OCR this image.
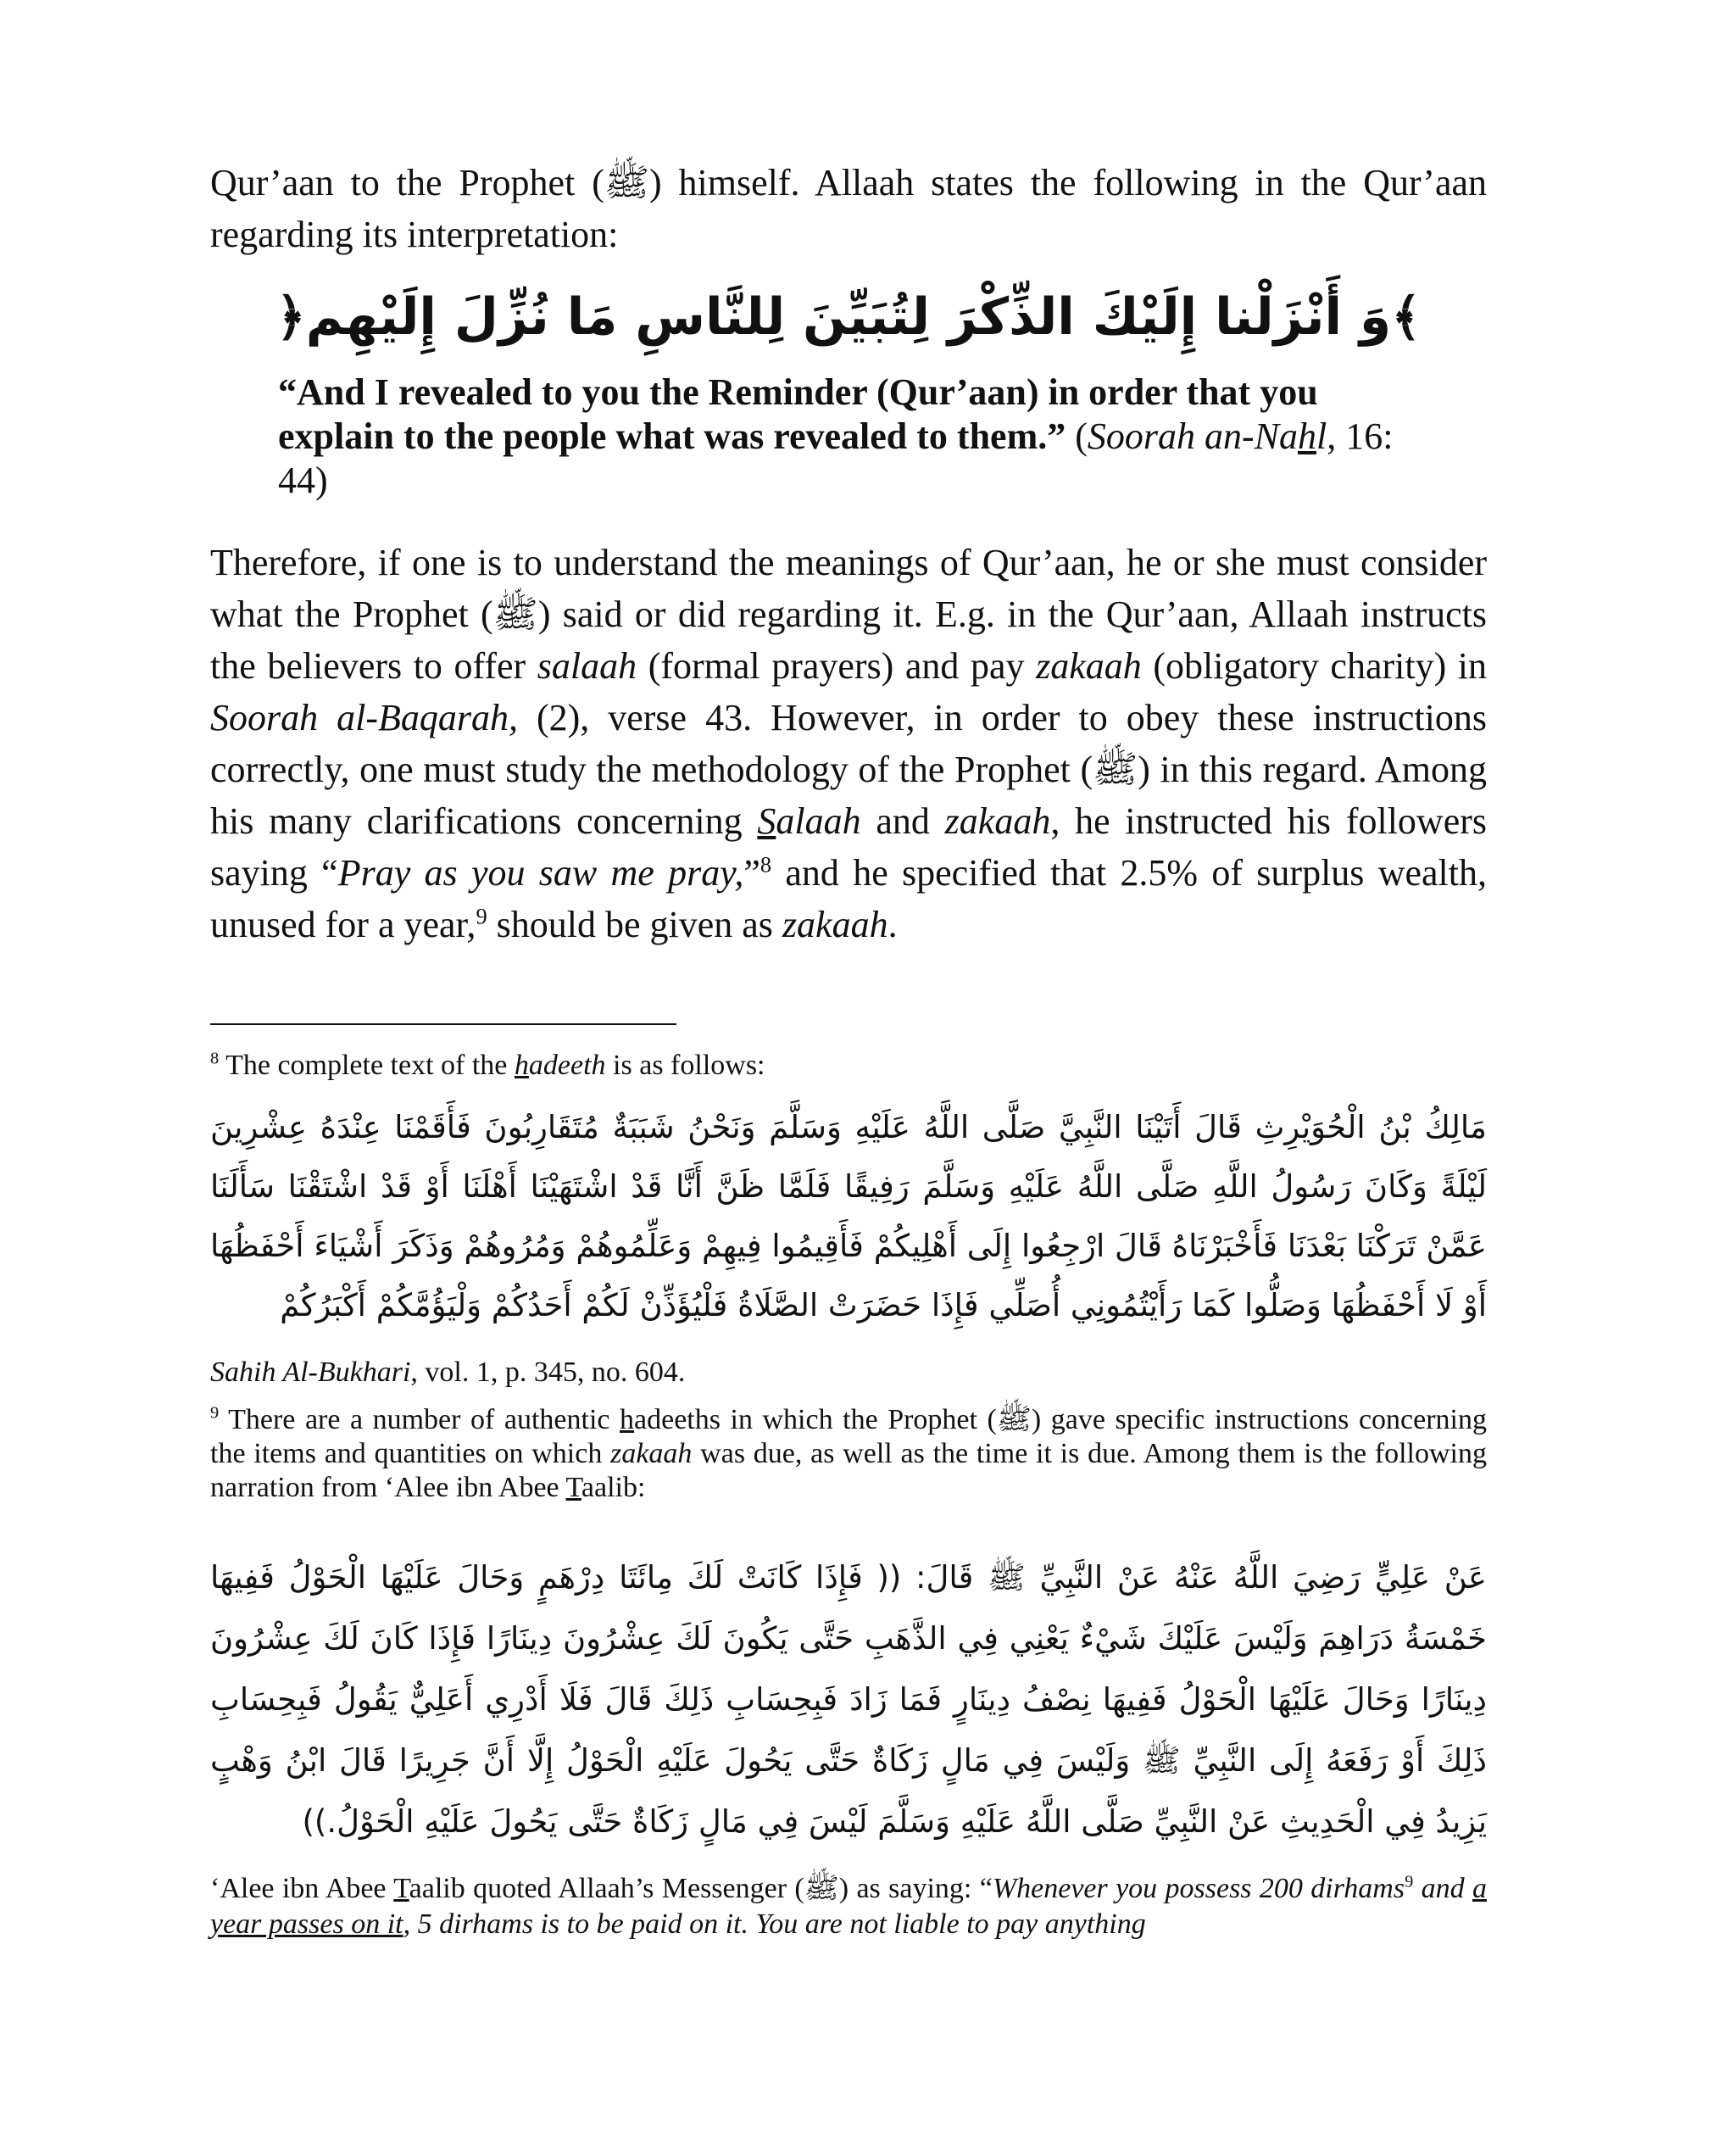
Qur’aan to the Prophet (ﷺ) himself. Allaah states the following in the Qur’aan regarding its interpretation:

﴿وَ أَنْزَلْنا إِلَيْكَ الذِّكْرَ لِتُبَيِّنَ لِلنَّاسِ مَا نُزِّلَ إِلَيْهِم﴾

“And I revealed to you the Reminder (Qur’aan) in order that you explain to the people what was revealed to them.” (Soorah an-Nahl, 16: 44)

Therefore, if one is to understand the meanings of Qur’aan, he or she must consider what the Prophet (ﷺ) said or did regarding it. E.g. in the Qur’aan, Allaah instructs the believers to offer salaah (formal prayers) and pay zakaah (obligatory charity) in Soorah al-Baqarah, (2), verse 43. However, in order to obey these instructions correctly, one must study the methodology of the Prophet (ﷺ) in this regard. Among his many clarifications concerning Salaah and zakaah, he instructed his followers saying “Pray as you saw me pray,”$^8$ and he specified that 2.5% of surplus wealth, unused for a year,$^9$ should be given as zakaah.

$^8$ The complete text of the hadeeth is as follows:

مَالِكُ بْنُ الْحُوَيْرِثِ قَالَ أَتَيْنَا النَّبِيَّ صَلَّى اللَّهُ عَلَيْهِ وَسَلَّمَ وَنَحْنُ شَبَبَةٌ مُتَقَارِبُونَ فَأَقَمْنَا عِنْدَهُ عِشْرِينَ لَيْلَةً وَكَانَ رَسُولُ اللَّهِ صَلَّى اللَّهُ عَلَيْهِ وَسَلَّمَ رَفِيقًا فَلَمَّا ظَنَّ أَنَّا قَدْ اشْتَهَيْنَا أَهْلَنَا أَوْ قَدْ اشْتَقْنَا سَأَلَنَا عَمَّنْ تَرَكْنَا بَعْدَنَا فَأَخْبَرْنَاهُ قَالَ ارْجِعُوا إِلَى أَهْلِيكُمْ فَأَقِيمُوا فِيهِمْ وَعَلِّمُوهُمْ وَمُرُوهُمْ وَذَكَرَ أَشْيَاءَ أَحْفَظُهَا أَوْ لَا أَحْفَظُهَا وَصَلُّوا كَمَا رَأَيْتُمُونِي أُصَلِّي فَإِذَا حَضَرَتْ الصَّلَاةُ فَلْيُؤَذِّنْ لَكُمْ أَحَدُكُمْ وَلْيَؤُمَّكُمْ أَكْبَرُكُمْ

Sahih Al-Bukhari, vol. 1, p. 345, no. 604.

$^9$ There are a number of authentic hadeeths in which the Prophet (ﷺ) gave specific instructions concerning the items and quantities on which zakaah was due, as well as the time it is due. Among them is the following narration from ‘Alee ibn Abee Taalib:

عَنْ عَلِيٍّ رَضِيَ اللَّهُ عَنْهُ عَنْ النَّبِيِّ ﷺ قَالَ: (( فَإِذَا كَانَتْ لَكَ مِائَتَا دِرْهَمٍ وَحَالَ عَلَيْهَا الْحَوْلُ فَفِيهَا خَمْسَةُ دَرَاهِمَ وَلَيْسَ عَلَيْكَ شَيْءٌ يَعْنِي فِي الذَّهَبِ حَتَّى يَكُونَ لَكَ عِشْرُونَ دِينَارًا فَإِذَا كَانَ لَكَ عِشْرُونَ دِينَارًا وَحَالَ عَلَيْهَا الْحَوْلُ فَفِيهَا نِصْفُ دِينَارٍ فَمَا زَادَ فَبِحِسَابِ ذَلِكَ قَالَ فَلَا أَدْرِي أَعَلِيٌّ يَقُولُ فَبِحِسَابِ ذَلِكَ أَوْ رَفَعَهُ إِلَى النَّبِيِّ ﷺ وَلَيْسَ فِي مَالٍ زَكَاةٌ حَتَّى يَحُولَ عَلَيْهِ الْحَوْلُ إِلَّا أَنَّ جَرِيرًا قَالَ ابْنُ وَهْبٍ يَزِيدُ فِي الْحَدِيثِ عَنْ النَّبِيِّ صَلَّى اللَّهُ عَلَيْهِ وَسَلَّمَ لَيْسَ فِي مَالٍ زَكَاةٌ حَتَّى يَحُولَ عَلَيْهِ الْحَوْلُ.))

‘Alee ibn Abee Taalib quoted Allaah’s Messenger (ﷺ) as saying: “Whenever you possess 200 dirhams$^9$ and a year passes on it, 5 dirhams is to be paid on it. You are not liable to pay anything
